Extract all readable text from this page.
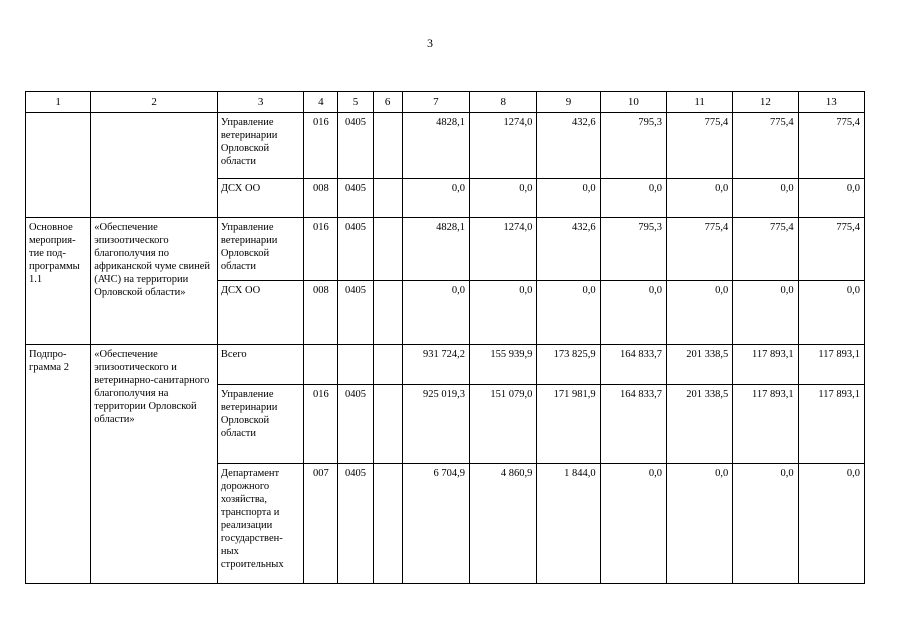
3
1	2	3	4	5	6	7	8	9	10	11	12	13
		Управление ветеринарии Орловской области	016	0405		4828,1	1274,0	432,6	795,3	775,4	775,4	775,4
		ДСХ ОО	008	0405		0,0	0,0	0,0	0,0	0,0	0,0	0,0
Основное мероприя-тие под-программы 1.1	«Обеспечение эпизоотического благополучия по африканской чуме свиней (АЧС) на территории Орловской области»	Управление ветеринарии Орловской области	016	0405		4828,1	1274,0	432,6	795,3	775,4	775,4	775,4
		ДСХ ОО	008	0405		0,0	0,0	0,0	0,0	0,0	0,0	0,0
Подпро-грамма 2	«Обеспечение эпизоотического и ветеринарно-санитарного благополучия на территории Орловской области»	Всего				931 724,2	155 939,9	173 825,9	164 833,7	201 338,5	117 893,1	117 893,1
		Управление ветеринарии Орловской области	016	0405		925 019,3	151 079,0	171 981,9	164 833,7	201 338,5	117 893,1	117 893,1
		Департамент дорожного хозяйства, транспорта и реализации государствен-ных строительных	007	0405		6 704,9	4 860,9	1 844,0	0,0	0,0	0,0	0,0
